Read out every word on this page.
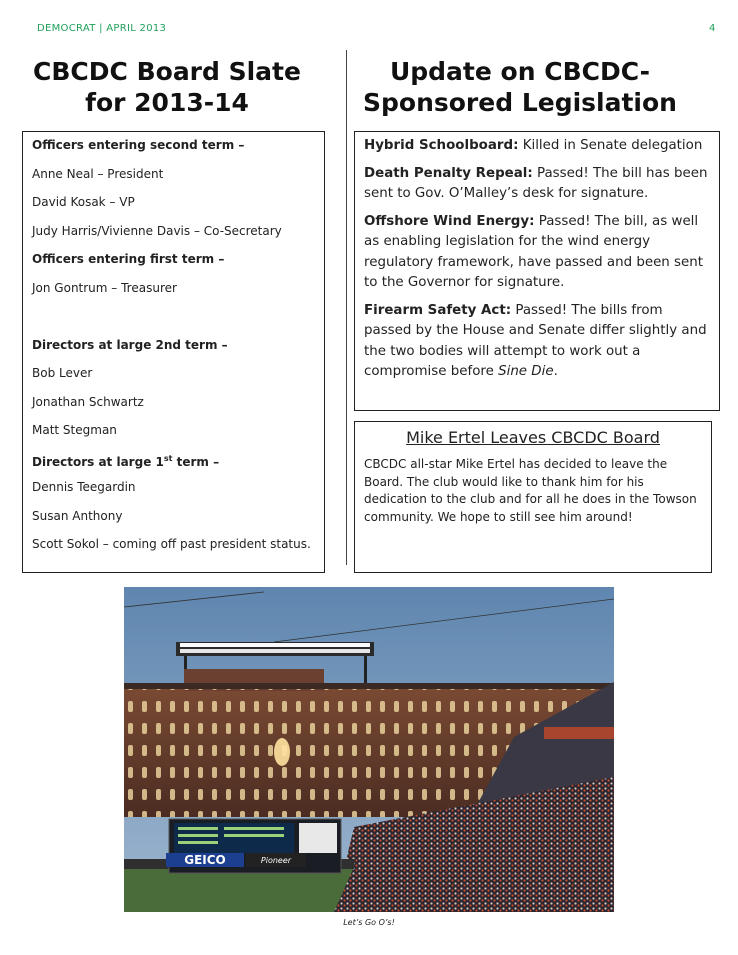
DEMOCRAT | APRIL 2013	4
CBCDC Board Slate
for 2013-14
Update on CBCDC-
Sponsored Legislation

Officers entering second term –

Anne Neal – President

David Kosak – VP

Judy Harris/Vivienne Davis – Co-Secretary

Officers entering first term –

Jon Gontrum – Treasurer

Directors at large 2nd term –

Bob Lever

Jonathan Schwartz

Matt Stegman

Directors at large 1st term –

Dennis Teegardin

Susan Anthony

Scott Sokol – coming off past president status.

Hybrid Schoolboard: Killed in Senate delegation

Death Penalty Repeal: Passed! The bill has been sent to Gov. O’Malley’s desk for signature.

Offshore Wind Energy: Passed! The bill, as well as enabling legislation for the wind energy regulatory framework, have passed and been sent to the Governor for signature.

Firearm Safety Act: Passed! The bills from passed by the House and Senate differ slightly and the two bodies will attempt to work out a compromise before Sine Die.

Mike Ertel Leaves CBCDC Board
CBCDC all-star Mike Ertel has decided to leave the Board. The club would like to thank him for his dedication to the club and for all he does in the Towson community. We hope to still see him around!
GEICO	Pioneer
Let’s Go O’s!
